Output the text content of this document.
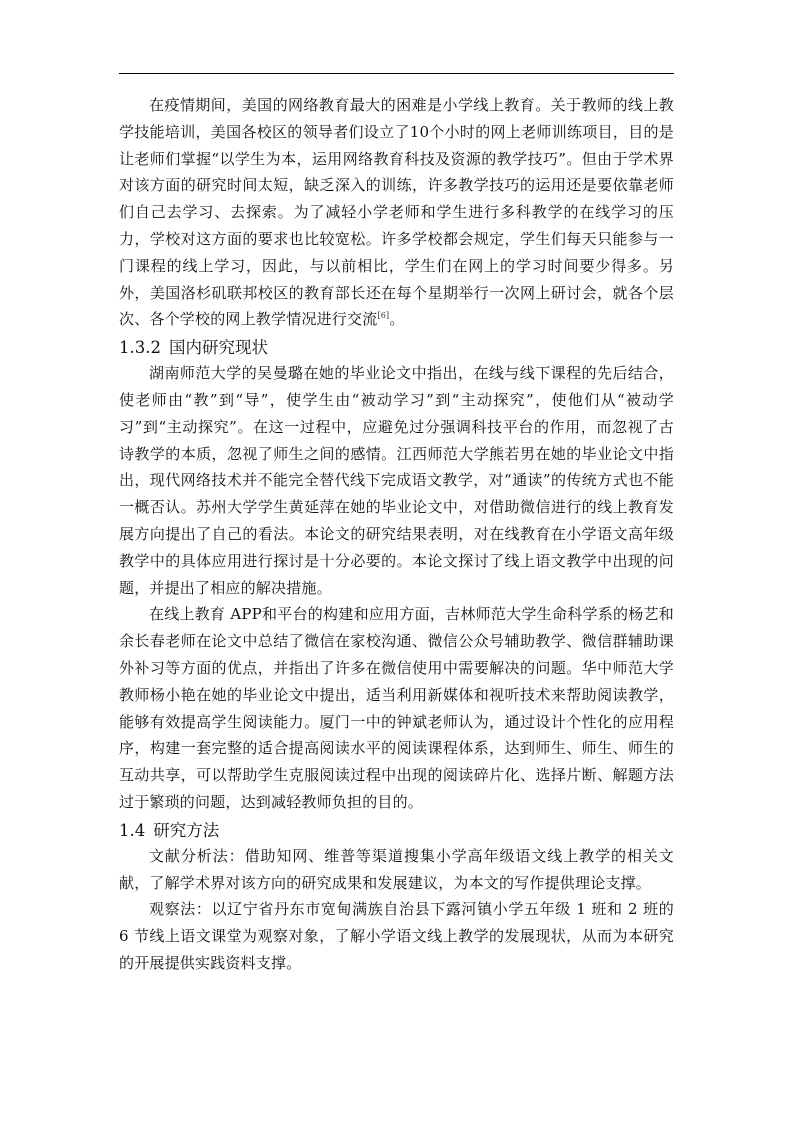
在疫情期间，美国的网络教育最大的困难是小学线上教育。关于教师的线上教学技能培训，美国各校区的领导者们设立了10个小时的网上老师训练项目，目的是让老师们掌握“以学生为本，运用网络教育科技及资源的教学技巧”。但由于学术界对该方面的研究时间太短，缺乏深入的训练，许多教学技巧的运用还是要依靠老师们自己去学习、去探索。为了减轻小学老师和学生进行多科教学的在线学习的压力，学校对这方面的要求也比较宽松。许多学校都会规定，学生们每天只能参与一门课程的线上学习，因此，与以前相比，学生们在网上的学习时间要少得多。另外，美国洛杉矶联邦校区的教育部长还在每个星期举行一次网上研讨会，就各个层次、各个学校的网上教学情况进行交流[6]。

1.3.2 国内研究现状

湖南师范大学的吴曼璐在她的毕业论文中指出，在线与线下课程的先后结合，使老师由“教”到“导”，使学生由“被动学习”到“主动探究”，使他们从“被动学习”到“主动探究”。在这一过程中，应避免过分强调科技平台的作用，而忽视了古诗教学的本质，忽视了师生之间的感情。江西师范大学熊若男在她的毕业论文中指出，现代网络技术并不能完全替代线下完成语文教学，对“通读”的传统方式也不能一概否认。苏州大学学生黄延萍在她的毕业论文中，对借助微信进行的线上教育发展方向提出了自己的看法。本论文的研究结果表明，对在线教育在小学语文高年级教学中的具体应用进行探讨是十分必要的。本论文探讨了线上语文教学中出现的问题，并提出了相应的解决措施。

在线上教育 APP和平台的构建和应用方面，吉林师范大学生命科学系的杨艺和余长春老师在论文中总结了微信在家校沟通、微信公众号辅助教学、微信群辅助课外补习等方面的优点，并指出了许多在微信使用中需要解决的问题。华中师范大学教师杨小艳在她的毕业论文中提出，适当利用新媒体和视听技术来帮助阅读教学，能够有效提高学生阅读能力。厦门一中的钟斌老师认为，通过设计个性化的应用程序，构建一套完整的适合提高阅读水平的阅读课程体系，达到师生、师生、师生的互动共享，可以帮助学生克服阅读过程中出现的阅读碎片化、选择片断、解题方法过于繁琐的问题，达到减轻教师负担的目的。

1.4 研究方法

文献分析法：借助知网、维普等渠道搜集小学高年级语文线上教学的相关文献，了解学术界对该方向的研究成果和发展建议，为本文的写作提供理论支撑。

观察法：以辽宁省丹东市宽甸满族自治县下露河镇小学五年级 1 班和 2 班的 6 节线上语文课堂为观察对象，了解小学语文线上教学的发展现状，从而为本研究的开展提供实践资料支撑。
